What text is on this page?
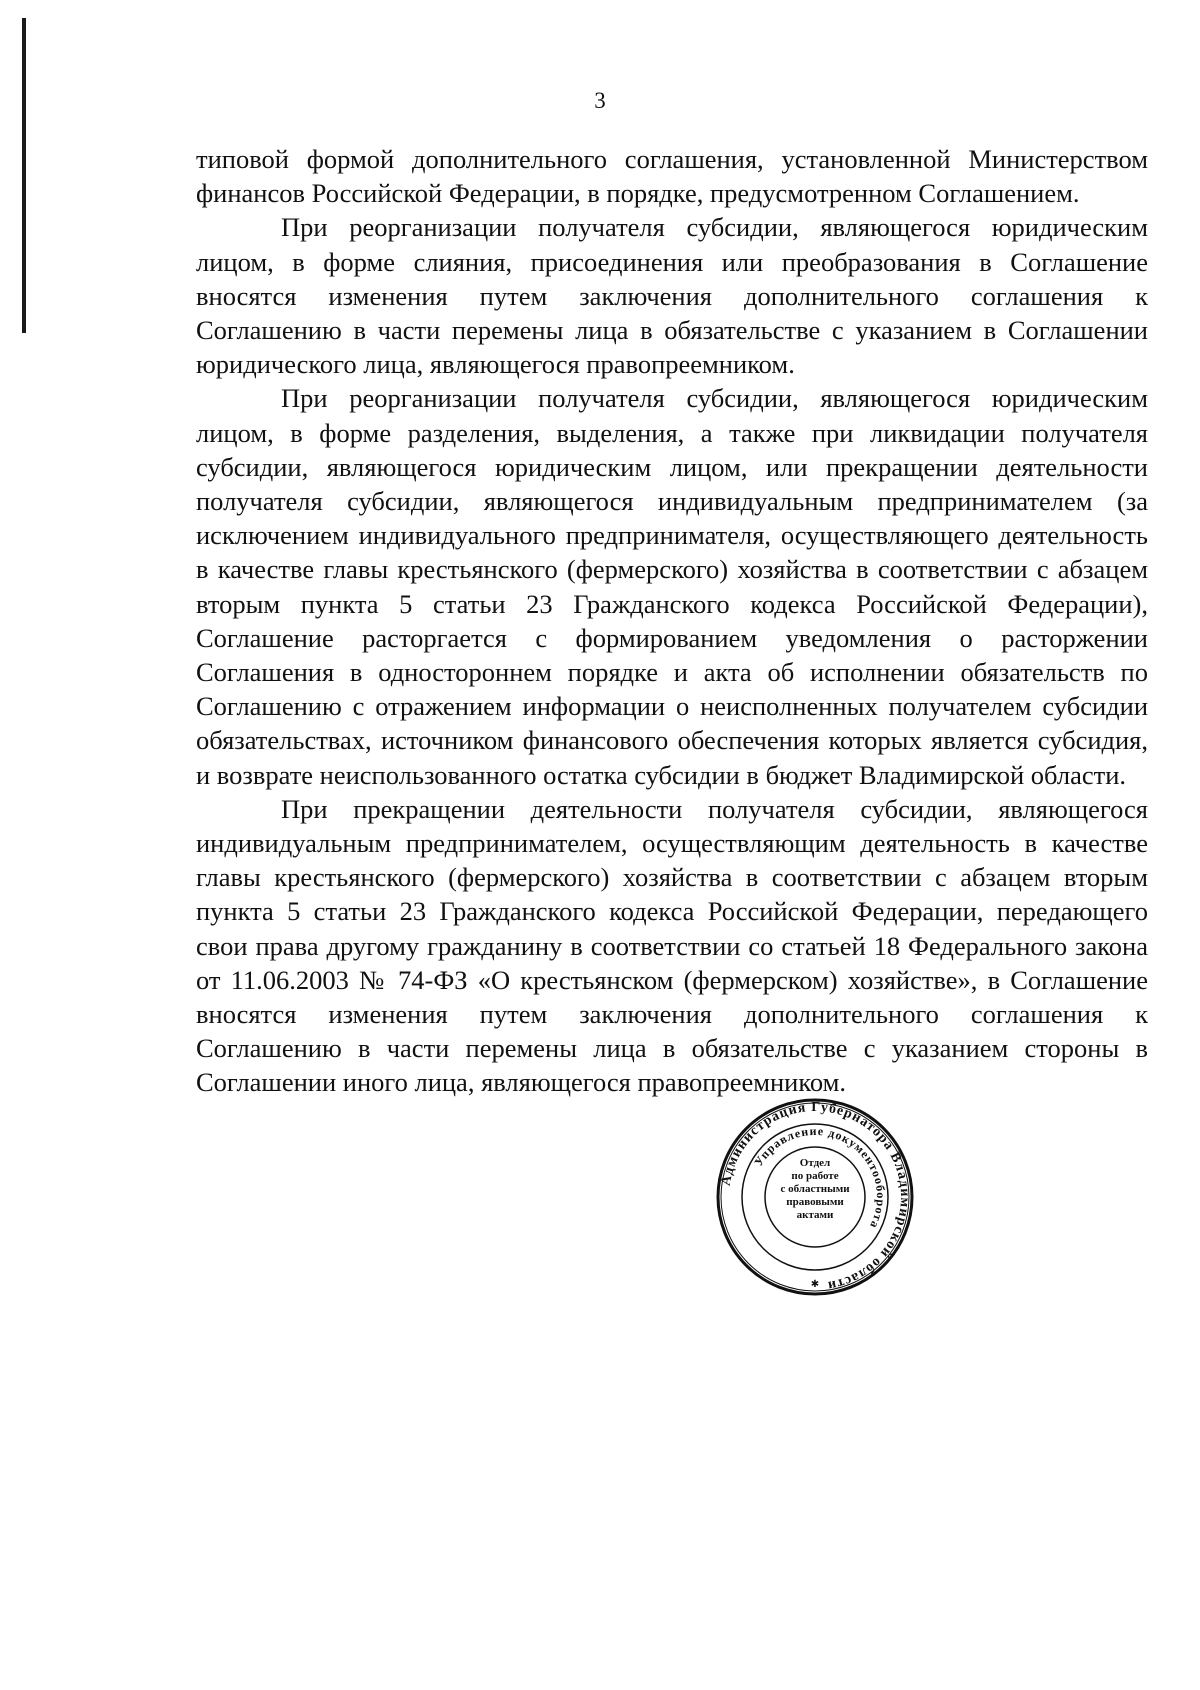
3

типовой формой дополнительного соглашения, установленной Министерством финансов Российской Федерации, в порядке, предусмотренном Соглашением.

При реорганизации получателя субсидии, являющегося юридическим лицом, в форме слияния, присоединения или преобразования в Соглашение вносятся изменения путем заключения дополнительного соглашения к Соглашению в части перемены лица в обязательстве с указанием в Соглашении юридического лица, являющегося правопреемником.

При реорганизации получателя субсидии, являющегося юридическим лицом, в форме разделения, выделения, а также при ликвидации получателя субсидии, являющегося юридическим лицом, или прекращении деятельности получателя субсидии, являющегося индивидуальным предпринимателем (за исключением индивидуального предпринимателя, осуществляющего деятельность в качестве главы крестьянского (фермерского) хозяйства в соответствии с абзацем вторым пункта 5 статьи 23 Гражданского кодекса Российской Федерации), Соглашение расторгается с формированием уведомления о расторжении Соглашения в одностороннем порядке и акта об исполнении обязательств по Соглашению с отражением информации о неисполненных получателем субсидии обязательствах, источником финансового обеспечения которых является субсидия, и возврате неиспользованного остатка субсидии в бюджет Владимирской области.

При прекращении деятельности получателя субсидии, являющегося индивидуальным предпринимателем, осуществляющим деятельность в качестве главы крестьянского (фермерского) хозяйства в соответствии с абзацем вторым пункта 5 статьи 23 Гражданского кодекса Российской Федерации, передающего свои права другому гражданину в соответствии со статьей 18 Федерального закона от 11.06.2003 № 74-ФЗ «О крестьянском (фермерском) хозяйстве», в Соглашение вносятся изменения путем заключения дополнительного соглашения к Соглашению в части перемены лица в обязательстве с указанием стороны в Соглашении иного лица, являющегося правопреемником.

Администрация Губернатора Владимирской области
Управление документооборота
✱
Отдел
по работе
с областными
правовыми
актами
